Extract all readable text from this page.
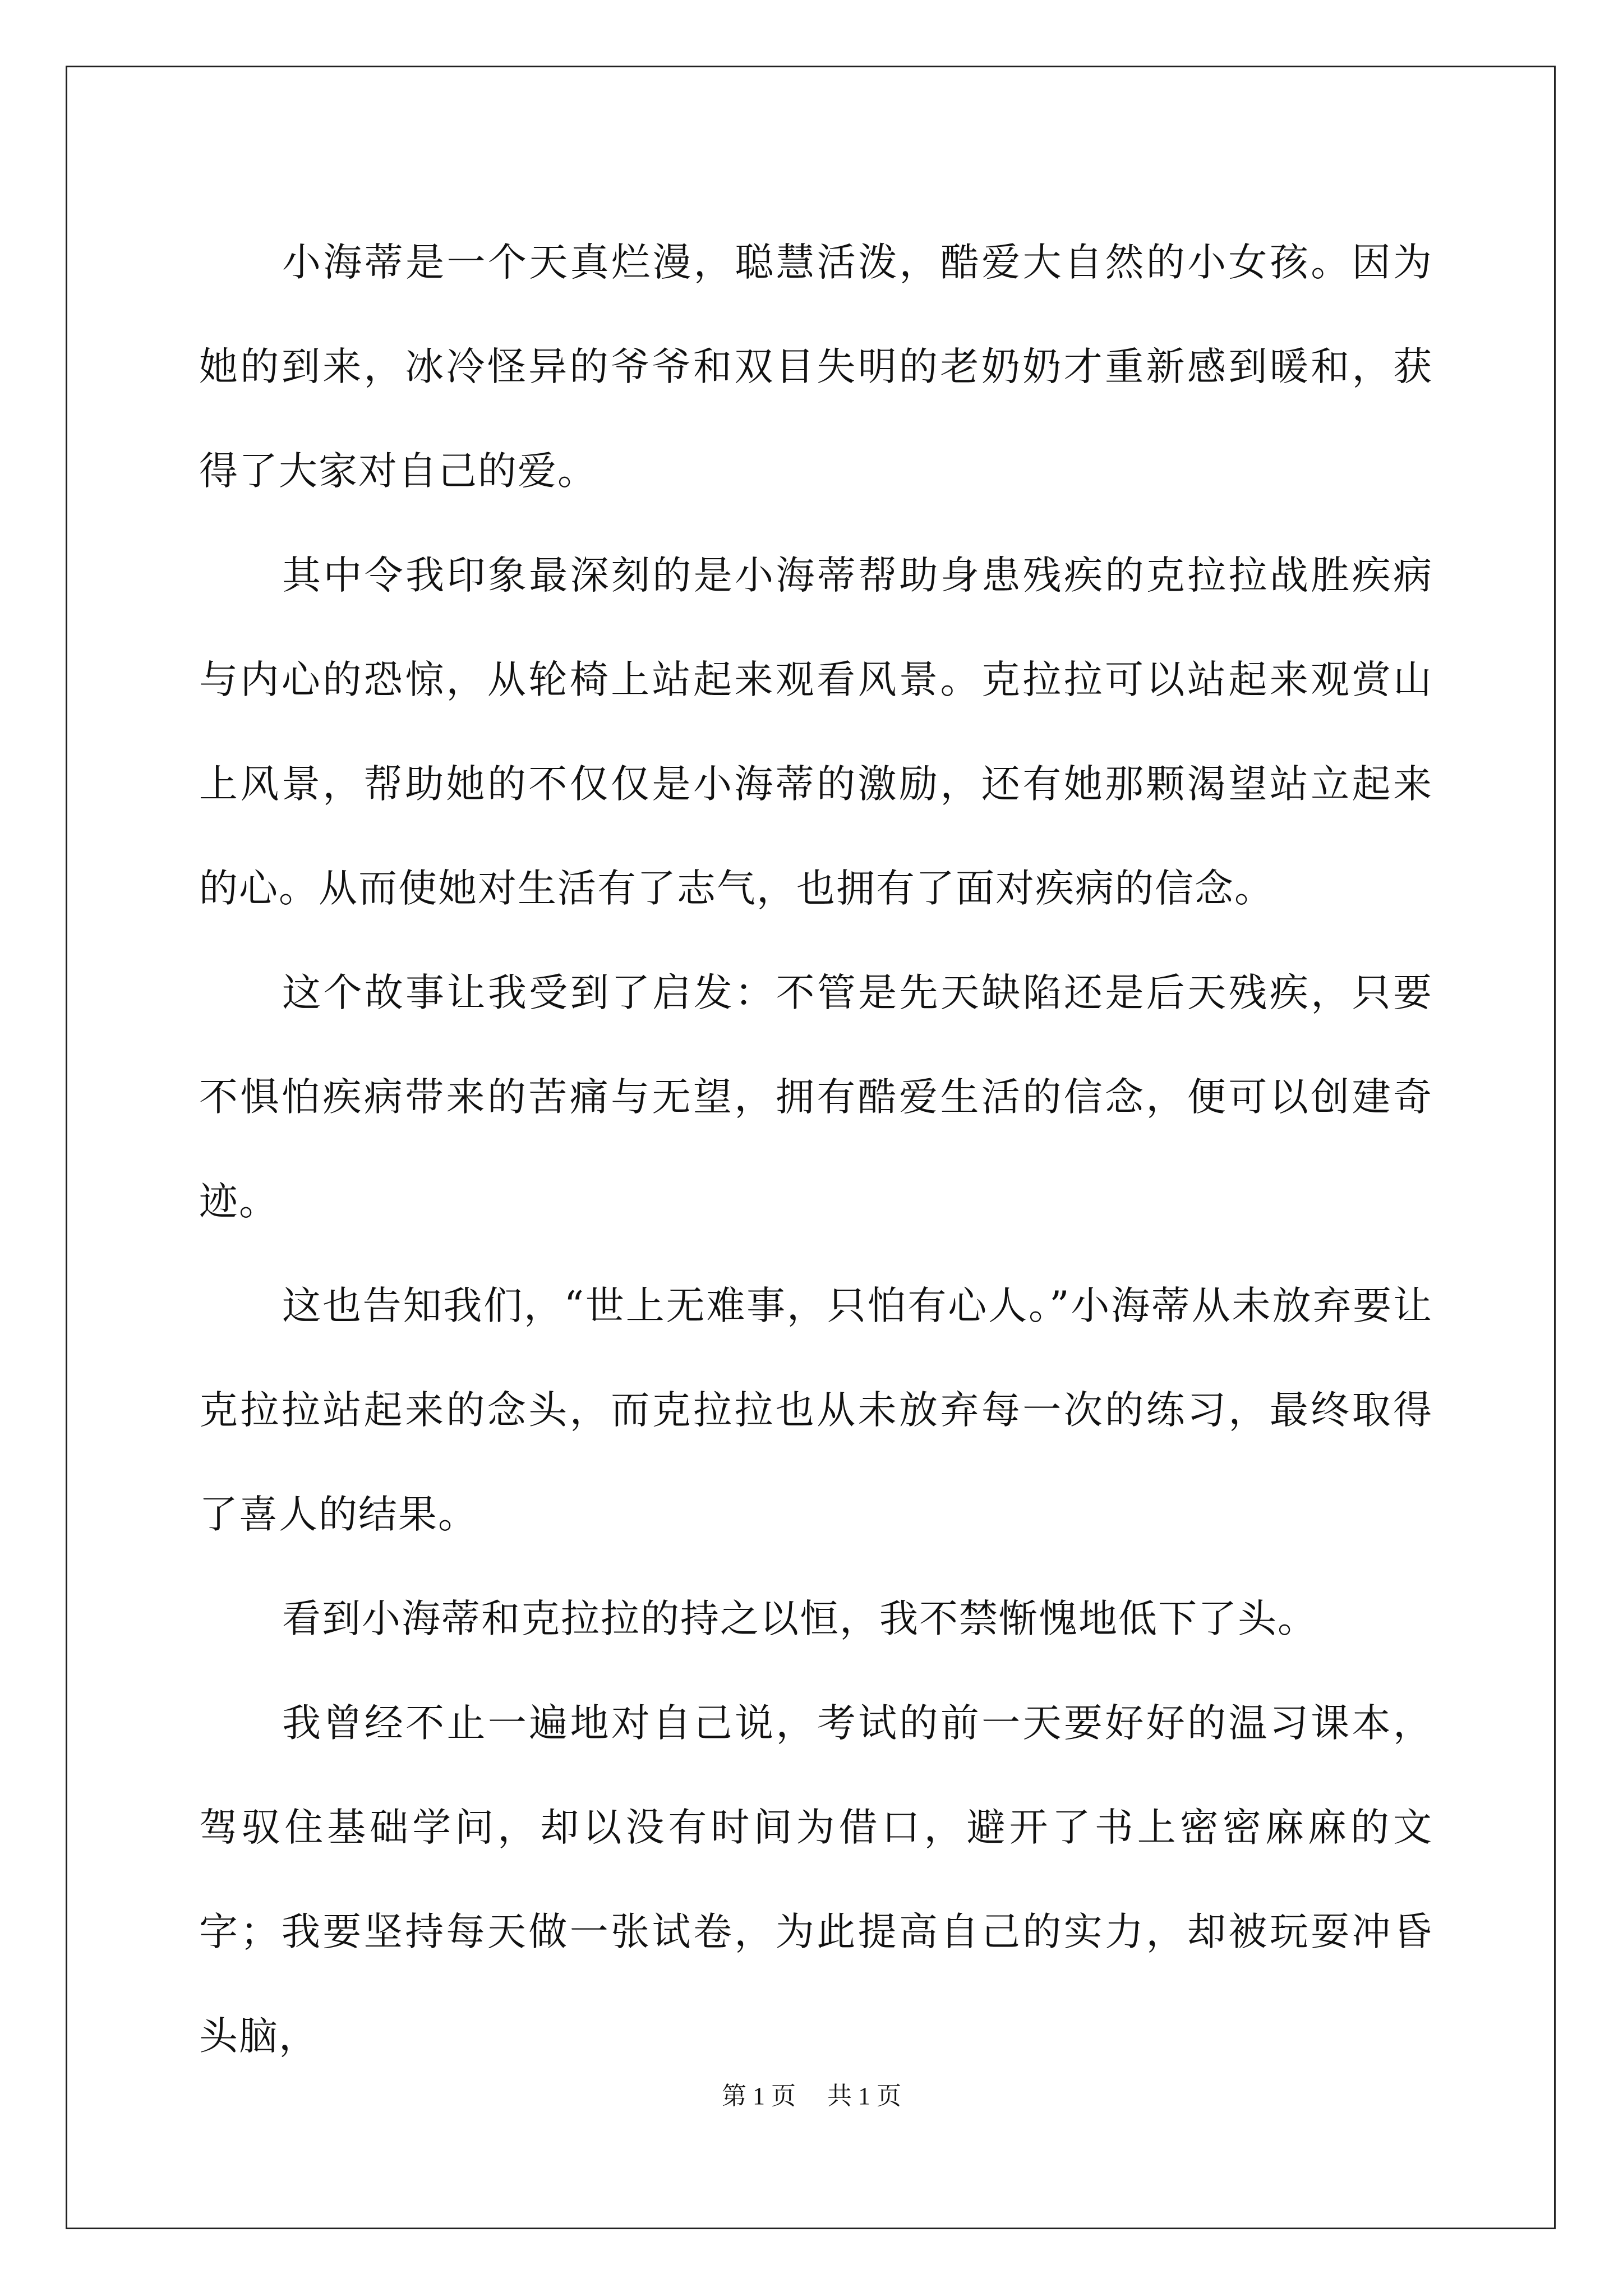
小海蒂是一个天真烂漫，聪慧活泼，酷爱大自然的小女孩。因为她的到来，冰冷怪异的爷爷和双目失明的老奶奶才重新感到暖和，获得了大家对自己的爱。

其中令我印象最深刻的是小海蒂帮助身患残疾的克拉拉战胜疾病与内心的恐惊，从轮椅上站起来观看风景。克拉拉可以站起来观赏山上风景，帮助她的不仅仅是小海蒂的激励，还有她那颗渴望站立起来的心。从而使她对生活有了志气，也拥有了面对疾病的信念。

这个故事让我受到了启发：不管是先天缺陷还是后天残疾，只要不惧怕疾病带来的苦痛与无望，拥有酷爱生活的信念，便可以创建奇迹。

这也告知我们，“世上无难事，只怕有心人。”小海蒂从未放弃要让克拉拉站起来的念头，而克拉拉也从未放弃每一次的练习，最终取得了喜人的结果。

看到小海蒂和克拉拉的持之以恒，我不禁惭愧地低下了头。

我曾经不止一遍地对自己说，考试的前一天要好好的温习课本，驾驭住基础学问，却以没有时间为借口，避开了书上密密麻麻的文字；我要坚持每天做一张试卷，为此提高自己的实力，却被玩耍冲昏头脑，

第 1 页 共 1 页
